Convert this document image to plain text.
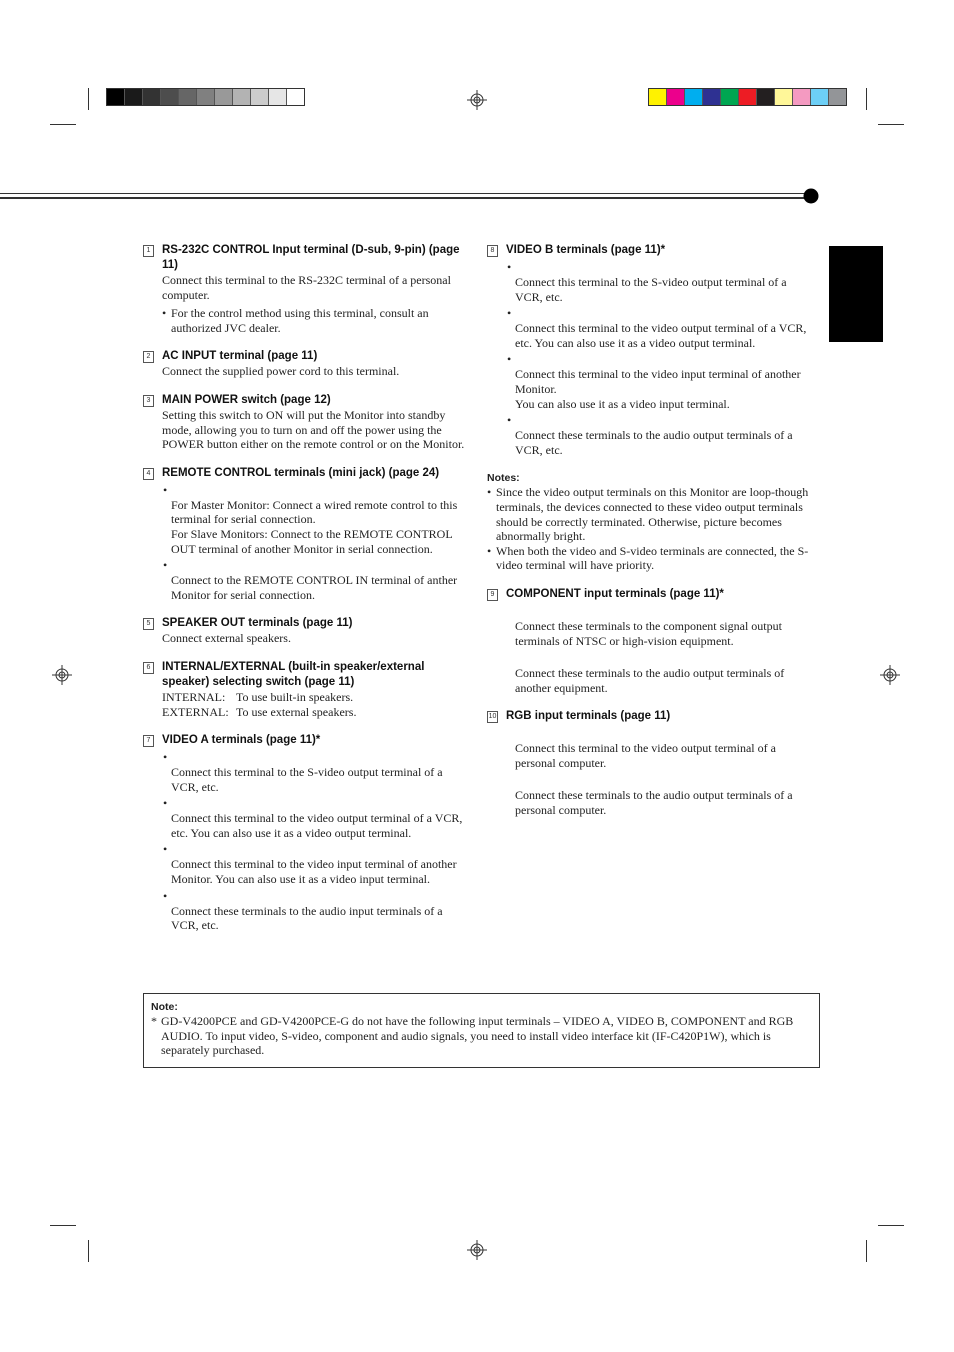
1	RS-232C CONTROL Input terminal (D-sub, 9-pin) (page 11)
Connect this terminal to the RS-232C terminal of a personal computer.
• For the control method using this terminal, consult an authorized JVC dealer.
2	AC INPUT terminal (page 11)
Connect the supplied power cord to this terminal.
3	MAIN POWER switch (page 12)
Setting this switch to ON will put the Monitor into standby mode, allowing you to turn on and off the power using the POWER button either on the remote control or on the Monitor.
4	REMOTE CONTROL terminals (mini jack) (page 24)
•
For Master Monitor: Connect a wired remote control to this terminal for serial connection.
For Slave Monitors: Connect to the REMOTE CONTROL OUT terminal of another Monitor in serial connection.
•
Connect to the REMOTE CONTROL IN terminal of anther Monitor for serial connection.
5	SPEAKER OUT terminals (page 11)
Connect external speakers.
6	INTERNAL/EXTERNAL (built-in speaker/external speaker) selecting switch (page 11)
INTERNAL: To use built-in speakers.
EXTERNAL: To use external speakers.
7	VIDEO A terminals (page 11)*
•
Connect this terminal to the S-video output terminal of a VCR, etc.
•
Connect this terminal to the video output terminal of a VCR, etc. You can also use it as a video output terminal.
•
Connect this terminal to the video input terminal of another Monitor. You can also use it as a video input terminal.
•
Connect these terminals to the audio input terminals of a VCR, etc.
8	VIDEO B terminals (page 11)*
•
Connect this terminal to the S-video output terminal of a VCR, etc.
•
Connect this terminal to the video output terminal of a VCR, etc. You can also use it as a video output terminal.
•
Connect this terminal to the video input terminal of another Monitor.
You can also use it as a video input terminal.
•
Connect these terminals to the audio output terminals of a VCR, etc.
Notes:
• Since the video output terminals on this Monitor are loop-though terminals, the devices connected to these video output terminals should be correctly terminated. Otherwise, picture becomes abnormally bright.
• When both the video and S-video terminals are connected, the S-video terminal will have priority.
9	COMPONENT input terminals (page 11)*
Connect these terminals to the component signal output terminals of NTSC or high-vision equipment.
Connect these terminals to the audio output terminals of another equipment.
10 RGB input terminals (page 11)
Connect this terminal to the video output terminal of a personal computer.
Connect these terminals to the audio output terminals of a personal computer.
Note:
* GD-V4200PCE and GD-V4200PCE-G do not have the following input terminals – VIDEO A, VIDEO B, COMPONENT and RGB AUDIO. To input video, S-video, component and audio signals, you need to install video interface kit (IF-C420P1W), which is separately purchased.
